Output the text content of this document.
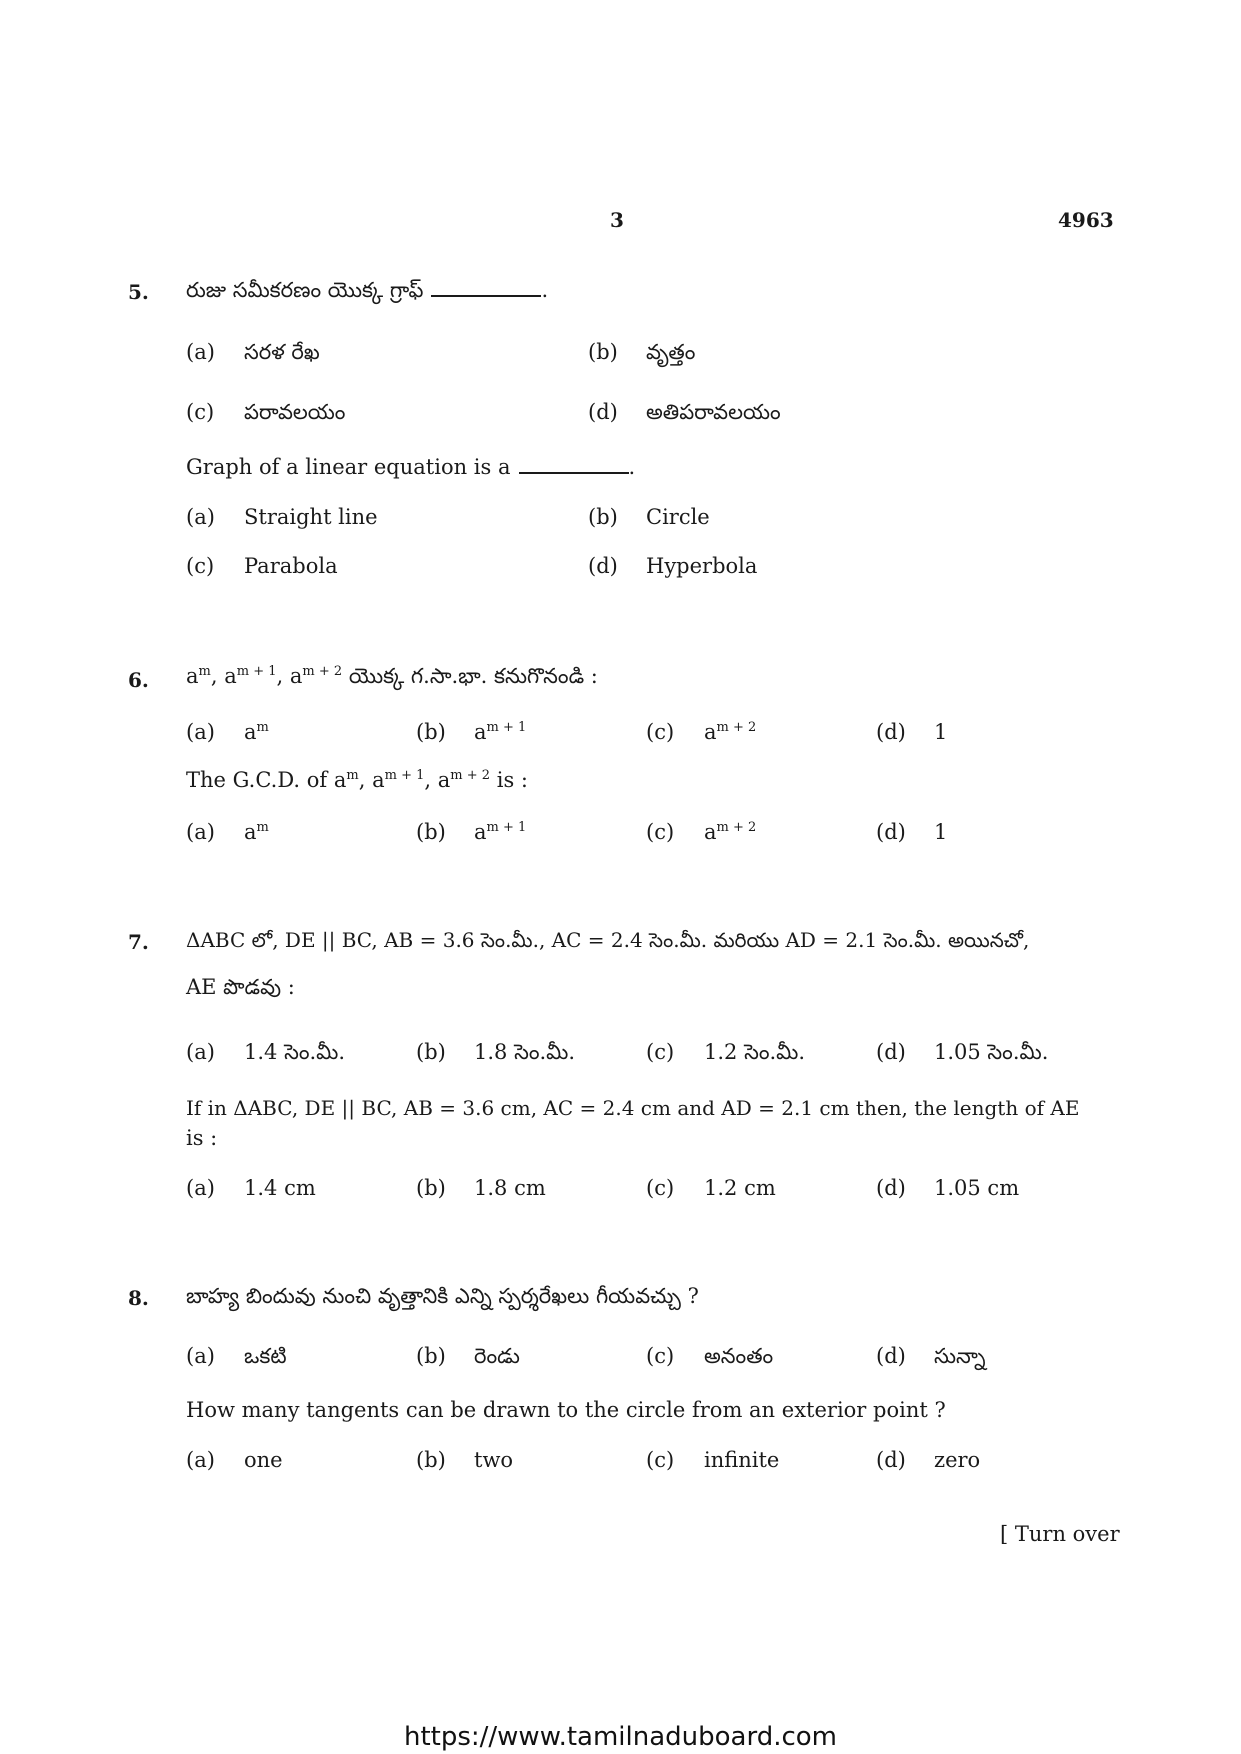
3	4963
5. రుజు సమీకరణం యొక్క గ్రాఫ్	.
(a) సరళ రేఖ	(b) వృత్తం
(c) పరావలయం	(d) అతిపరావలయం
Graph of a linear equation is a	.
(a) Straight line	(b) Circle
(c) Parabola	(d) Hyperbola
6. $a^m$, $a^{m + 1}$, $a^{m + 2}$ యొక్క గ.సా.భా. కనుగొనండి :
(a) $a^m$	(b) $a^{m + 1}$	(c) $a^{m + 2}$	(d) 1
The G.C.D. of $a^m$, $a^{m + 1}$, $a^{m + 2}$ is :
(a) $a^m$	(b) $a^{m + 1}$	(c) $a^{m + 2}$	(d) 1
7. ΔABC లో, DE || BC, AB = 3.6 సెం.మీ., AC = 2.4 సెం.మీ. మరియు AD = 2.1 సెం.మీ. అయినచో,
AE పొడవు :
(a) 1.4 సెం.మీ.	(b) 1.8 సెం.మీ.	(c) 1.2 సెం.మీ.	(d) 1.05 సెం.మీ.
If in ΔABC, DE || BC, AB = 3.6 cm, AC = 2.4 cm and AD = 2.1 cm then, the length of AE
is :
(a) 1.4 cm	(b) 1.8 cm	(c) 1.2 cm	(d) 1.05 cm
8. బాహ్య బిందువు నుంచి వృత్తానికి ఎన్ని స్పర్శరేఖలు గీయవచ్చు ?
(a) ఒకటి	(b) రెండు	(c) అనంతం	(d) సున్నా
How many tangents can be drawn to the circle from an exterior point ?
(a) one	(b) two	(c) infinite	(d) zero
[ Turn over
https://www.tamilnaduboard.com
